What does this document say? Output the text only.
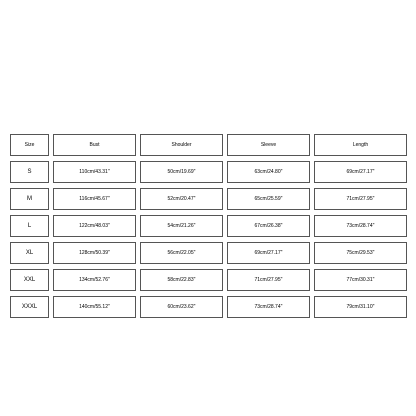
Size		Bust		Shoulder		Sleeve		Length

S		110cm/43.31''		50cm/19.69''		63cm/24.80''		69cm/27.17''

M		116cm/45.67''		52cm/20.47''		65cm/25.59''		71cm/27.95''

L		122cm/48.03''		54cm/21.26''		67cm/26.38''		73cm/28.74''

XL		128cm/50.39''		56cm/22.05''		69cm/27.17''		75cm/29.53''

XXL		134cm/52.76''		58cm/22.83''		71cm/27.95''		77cm/30.31''

XXXL		140cm/55.12''		60cm/23.62''		73cm/28.74''		79cm/31.10''
